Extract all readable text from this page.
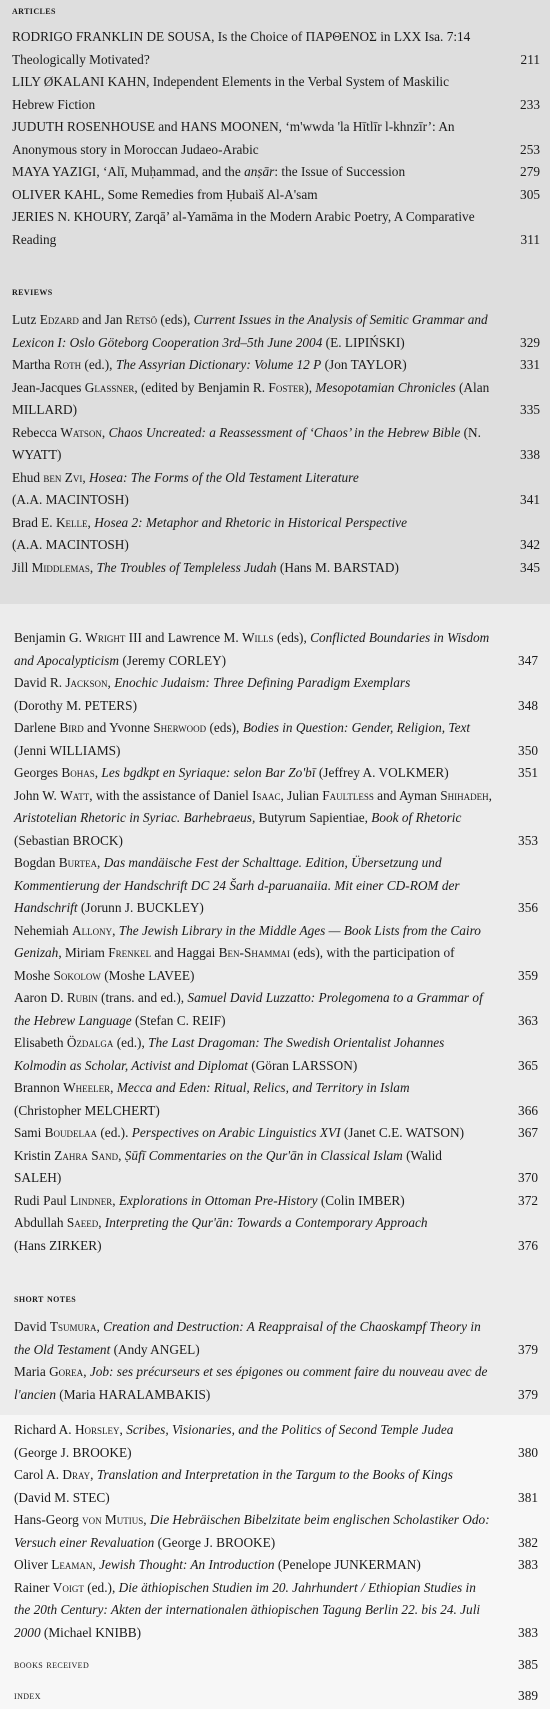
articles
RODRIGO FRANKLIN DE SOUSA, Is the Choice of ΠΑΡΘΕΝΟΣ in LXX Isa. 7:14 Theologically Motivated?	211
LILY ØKALANI KAHN, Independent Elements in the Verbal System of Maskilic Hebrew Fiction	233
JUDUTH ROSENHOUSE and HANS MOONEN, ‘m'wwda 'la Hītlīr l-khnzīr’: An Anonymous story in Moroccan Judaeo-Arabic	253
MAYA YAZIGI, ‘Alī, Muḥammad, and the anṣār: the Issue of Succession	279
OLIVER KAHL, Some Remedies from Ḥubaiš Al-A'sam	305
JERIES N. KHOURY, Zarqā’ al-Yamāma in the Modern Arabic Poetry, A Comparative Reading	311
reviews
Lutz Edzard and Jan Retsö (eds), Current Issues in the Analysis of Semitic Grammar and Lexicon I: Oslo Göteborg Cooperation 3rd–5th June 2004 (E. LIPIŃSKI)	329
Martha Roth (ed.), The Assyrian Dictionary: Volume 12 P (Jon TAYLOR)	331
Jean-Jacques Glassner, (edited by Benjamin R. Foster), Mesopotamian Chronicles (Alan MILLARD)	335
Rebecca Watson, Chaos Uncreated: a Reassessment of ‘Chaos’ in the Hebrew Bible (N. WYATT)	338
Ehud ben Zvi, Hosea: The Forms of the Old Testament Literature
(A.A. MACINTOSH)	341
Brad E. Kelle, Hosea 2: Metaphor and Rhetoric in Historical Perspective
(A.A. MACINTOSH)	342
Jill Middlemas, The Troubles of Templeless Judah (Hans M. BARSTAD)	345
Benjamin G. Wright III and Lawrence M. Wills (eds), Conflicted Boundaries in Wisdom and Apocalypticism (Jeremy CORLEY)	347
David R. Jackson, Enochic Judaism: Three Defining Paradigm Exemplars
(Dorothy M. PETERS)	348
Darlene Bird and Yvonne Sherwood (eds), Bodies in Question: Gender, Religion, Text (Jenni WILLIAMS)	350
Georges Bohas, Les bgdkpt en Syriaque: selon Bar Zo'bī (Jeffrey A. VOLKMER)	351
John W. Watt, with the assistance of Daniel Isaac, Julian Faultless and Ayman Shihadeh, Aristotelian Rhetoric in Syriac. Barhebraeus, Butyrum Sapientiae, Book of Rhetoric (Sebastian BROCK)	353
Bogdan Burtea, Das mandäische Fest der Schalttage. Edition, Übersetzung und Kommentierung der Handschrift DC 24 Šarh d-paruanaiia. Mit einer CD-ROM der Handschrift (Jorunn J. BUCKLEY)	356
Nehemiah Allony, The Jewish Library in the Middle Ages — Book Lists from the Cairo Genizah, Miriam Frenkel and Haggai Ben-Shammai (eds), with the participation of Moshe Sokolow (Moshe LAVEE)	359
Aaron D. Rubin (trans. and ed.), Samuel David Luzzatto: Prolegomena to a Grammar of the Hebrew Language (Stefan C. REIF)	363
Elisabeth Özdalga (ed.), The Last Dragoman: The Swedish Orientalist Johannes Kolmodin as Scholar, Activist and Diplomat (Göran LARSSON)	365
Brannon Wheeler, Mecca and Eden: Ritual, Relics, and Territory in Islam
(Christopher MELCHERT)	366
Sami Boudelaa (ed.). Perspectives on Arabic Linguistics XVI (Janet C.E. WATSON)	367
Kristin Zahra Sand, Ṣūfī Commentaries on the Qur'ān in Classical Islam (Walid SALEH)	370
Rudi Paul Lindner, Explorations in Ottoman Pre-History (Colin IMBER)	372
Abdullah Saeed, Interpreting the Qur'ān: Towards a Contemporary Approach
(Hans ZIRKER)	376
short notes
David Tsumura, Creation and Destruction: A Reappraisal of the Chaoskampf Theory in the Old Testament (Andy ANGEL)	379
Maria Gorea, Job: ses précurseurs et ses épigones ou comment faire du nouveau avec de l'ancien (Maria HARALAMBAKIS)	379
Richard A. Horsley, Scribes, Visionaries, and the Politics of Second Temple Judea
(George J. BROOKE)	380
Carol A. Dray, Translation and Interpretation in the Targum to the Books of Kings
(David M. STEC)	381
Hans-Georg von Mutius, Die Hebräischen Bibelzitate beim englischen Scholastiker Odo: Versuch einer Revaluation (George J. BROOKE)	382
Oliver Leaman, Jewish Thought: An Introduction (Penelope JUNKERMAN)	383
Rainer Voigt (ed.), Die äthiopischen Studien im 20. Jahrhundert / Ethiopian Studies in the 20th Century: Akten der internationalen äthiopischen Tagung Berlin 22. bis 24. Juli 2000 (Michael KNIBB)	383
books received	385
index	389
